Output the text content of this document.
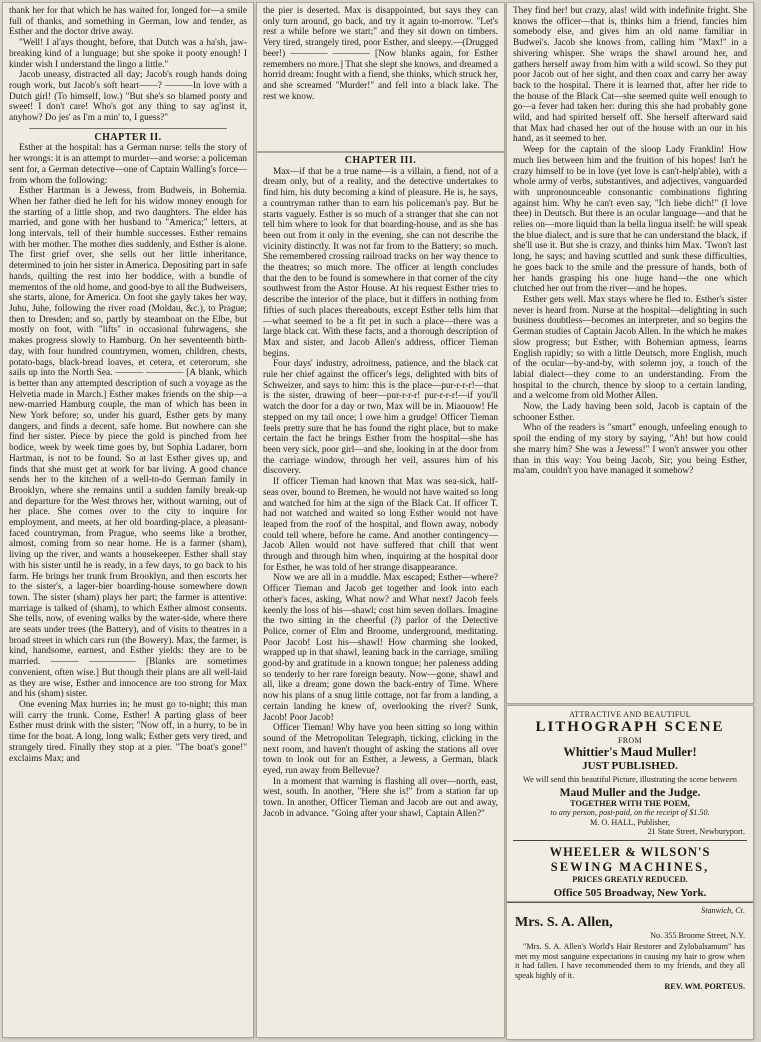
thank her for that which he has waited for, longed for—a smile full of thanks, and something in German, low and tender, as Esther and the doctor drive away.

"Well! I al'ays thought, before, that Dutch was a ha'sh, jaw-breaking kind of a lunguage; but she spoke it pooty enough! I kinder wish I understand the lingo a little."

Jacob uneasy, distracted all day; Jacob's rough hands doing rough work, but Jacob's soft heart——? ———In love with a Dutch girl! (To himself, low.) "But she's so blamed pooty and sweet! I don't care! Who's got any thing to say ag'inst it, anyhow? Do jes' as I'm a min' to, I guess?"

CHAPTER II.

Esther at the hospital: has a German nurse: tells the story of her wrongs: it is an attempt to murder—and worse: a policeman sent for, a German detective—one of Captain Walling's force—from whom the following:

Esther Hartman is a Jewess, from Budweis, in Bohemia. When her father died he left for his widow money enough for the starting of a little shop, and two daughters. The elder has married, and gone with her husband to "America;" letters, at long intervals, tell of their humble successes. Esther remains with her mother. The mother dies suddenly, and Esther is alone. The first grief over, she sells out her little inheritance, determined to join her sister in America. Depositing part in safe hands, quilting the rest into her boddice, with a bundle of mementos of the old home, and good-bye to all the Budweisers, she starts, alone, for America. On foot she gayly takes her way, Juhu, Juhe, following the river road (Moldau, &c.), to Prague; then to Dresden; and so, partly by steamboat on the Elbe, but mostly on foot, with "lifts" in occasional fuhrwagens, she makes progress slowly to Hamburg. On her seventeenth birth-day, with four hundred countrymen, women, children, chests, potato-bags, black-bread loaves, et cetera, et ceterorum, she sails up into the North Sea. ——— ———— [A blank, which is better than any attempted description of such a voyage as the Helvetia made in March.] Esther makes friends on the ship—a new-married Hamburg couple, the man of which has been in New York before; so, under his guard, Esther gets by many dangers, and finds a decent, safe home. But nowhere can she find her sister. Piece by piece the gold is pinched from her bodice, week by week time goes by, but Sophia Ladarer, born Hartman, is not to be found. So at last Esther gives up, and finds that she must get at work for bar living. A good chance sends her to the kitchen of a well-to-do German family in Brooklyn, where she remains until a sudden family break-up and departure for the West throws her, without warning, out of her place. She comes over to the city to inquire for employment, and meets, at her old boarding-place, a pleasant-faced countryman, from Prague, who seems like a brother, almost, coming from so near home. He is a farmer (sham), living up the river, and wants a housekeeper. Esther shall stay with his sister until he is ready, in a few days, to go back to his farm. He brings her trunk from Brooklyn, and then escorts her to the sister's, a lager-bier boarding-house somewhere down town. The sister (sham) plays her part; the farmer is attentive: marriage is talked of (sham), to which Esther almost consents. She tells, now, of evening walks by the water-side, where there are seats under trees (the Battery), and of visits to theatres in a broad street in which cars run (the Bowery). Max, the farmer, is kind, handsome, earnest, and Esther yields: they are to be married. ——— ————— [Blanks are sometimes convenient, often wise.] But though their plans are all well-laid as they are wise, Esther and innocence are too strong for Max and his (sham) sister.

One evening Max hurries in; he must go to-night; this man will carry the trunk. Come, Esther! A parting glass of beer Esther must drink with the sister; "Now off, in a hurry, to be in time for the boat. A long, long walk; Esther gets very tired, and strangely tired. Finally they stop at a pier. "The boat's gone!" exclaims Max; and

the pier is deserted. Max is disappointed, but says they can only turn around, go back, and try it again to-morrow. "Let's rest a while before we start;" and they sit down on timbers. Very tired, strangely tired, poor Esther, and sleepy.—(Drugged beer!) ———— ———— [Now blanks again, for Esther remembers no more.] That she slept she knows, and dreamed a horrid dream: fought with a fiend, she thinks, which struck her, and she screamed "Murder!" and fell into a black lake. The rest we know.

CHAPTER III.

Max—if that be a true name—is a villain, a fiend, not of a dream only, but of a reality, and the detective undertakes to find him, his duty becoming a kind of pleasure. He is, he says, a countryman rather than to earn his policeman's pay. But he starts vaguely. Esther is so much of a stranger that she can not tell him where to look for that boarding-house, and as she has been out from it only in the evening, she can not describe the vicinity distinctly. It was not far from to the Battery; so much. She remembered crossing railroad tracks on her way thence to the theatres; so much more. The officer at length concludes that the den to be found is somewhere in that corner of the city southwest from the Astor House. At his request Esther tries to describe the interior of the place, but it differs in nothing from fifties of such places thereabouts, except Esther tells him that—what seemed to be a fit pet in such a place—there was a large black cat. With these facts, and a thorough description of Max and sister, and Jacob Allen's address, officer Tieman begins.

Four days' industry, adroitness, patience, and the black cat rule her chief against the officer's legs, delighted with bits of Schweizer, and says to him: this is the place—pur-r-r-r!—that is the sister, drawing of beer—pur-r-r-r! pur-r-r-r!—if you'll watch the door for a day or two, Max will be in. Miaouow! He stepped on my tail once; I owe him a grudge! Officer Tieman feels pretty sure that he has found the right place, but to make certain the fact he brings Esther from the hospital—she has been very sick, poor girl—and she, looking in at the door from the carriage window, through her veil, assures him of his discovery.

If officer Tieman had known that Max was sea-sick, half-seas over, bound to Bremen, he would not have waited so long and watched for him at the sign of the Black Cat. If officer T. had not watched and waited so long Esther would not have leaped from the roof of the hospital, and flown away, nobody could tell where, before he came. And another contingency—Jacob Allen would not have suffered that chill that went through and through him when, inquiring at the hospital door for Esther, he was told of her strange disappearance.

Now we are all in a muddle. Max escaped; Esther—where? Officer Tieman and Jacob get together and look into each other's faces, asking, What now? and What next? Jacob feels keenly the loss of his—shawl; cost him seven dollars. Imagine the two sitting in the cheerful (?) parlor of the Detective Police, corner of Elm and Broome, underground, meditating. Poor Jacob! Lost his—shawl! How charming she looked, wrapped up in that shawl, leaning back in the carriage, smiling good-by and gratitude in a known tongue; her paleness adding so tenderly to her rare foreign beauty. Now—gone, shawl and all, like a dream; gone down the back-entry of Time. Where now his plans of a snug little cottage, not far from a landing, a certain landing he knew of, overlooking the river? Sunk, Jacob! Poor Jacob!

Officer Tieman! Why have you been sitting so long within sound of the Metropolitan Telegraph, ticking, clicking in the next room, and haven't thought of asking the stations all over town to look out for an Esther, a Jewess, a German, black eyed, run away from Bellevue?

In a moment that warning is flashing all over—north, east, west, south. In another, "Here she is!" from a station far up town. In another, Officer Tieman and Jacob are out and away, Jacob in advance. "Going after your shawl, Captain Allen?"

They find her! but crazy, alas! wild with indefinite fright. She knows the officer—that is, thinks him a friend, fancies him somebody else, and gives him an old name familiar in Budwei's. Jacob she knows from, calling him "Max!" in a shivering whisper. She wraps the shawl around her, and gathers herself away from him with a wild scowl. So they put poor Jacob out of her sight, and then coax and carry her away back to the hospital. There it is learned that, after her ride to the house of the Black Cat—she seemed quite well enough to go—a fever had taken her: during this she had probably gone wild, and had spirited herself off. She herself afterward said that Max had chased her out of the house with an our in his hand, as it seemed to her.

Weep for the captain of the sloop Lady Franklin! How much lies between him and the fruition of his hopes! Isn't he crazy himself to be in love (yet love is can't-help'able), with a whole army of verbs, substantives, and adjectives, vanguarded with unpronounceable consonantic combinations fighting against him. Why he can't even say, "Ich liebe dich!" (I love thee) in Deutsch. But there is an ocular language—and that he relies on—more liquid than la bella lingua itself: he will speak the blue dialect, and is sure that he can understand the black, if she'll use it. But she is crazy, and thinks him Max. 'Twon't last long, he says; and having scuttled and sunk these difficulties, he goes back to the smile and the pressure of hands, both of her hands grasping his one huge hand—the one which clutched her out from the river—and he hopes.

Esther gets well. Max stays where he fled to. Esther's sister never is heard from. Nurse at the hospital—delighting in such business doubtless—becomes an interpreter, and so begins the German studies of Captain Jacob Allen. In the which he makes slow progress; but Esther, with Bohemian aptness, learns English rapidly; so with a little Deutsch, more English, much of the ocular—by-and-by, with solemn joy, a touch of the labial dialect—they come to an understanding. From the hospital to the church, thence by sloop to a certain landing, and a welcome from old Mother Allen.

Now, the Lady having been sold, Jacob is captain of the schooner Esther.

Who of the readers is "smart" enough, unfeeling enough to spoil the ending of my story by saying, "Ah! but how could she marry him? She was a Jewess!" I won't answer you other than in this way: You being Jacob, Sir; you being Esther, ma'am, couldn't you have managed it somehow?

ATTRACTIVE AND BEAUTIFUL
LITHOGRAPH SCENE
FROM
Whittier's Maud Muller!
JUST PUBLISHED.
We will send this beautiful Picture, illustrating the scene between
Maud Muller and the Judge.
TOGETHER WITH THE POEM,
to any person, post-paid, on the receipt of $1.50.
M. O. HALL, Publisher,
21 State Street, Newburyport.
WHEELER & WILSON'S
SEWING MACHINES,
PRICES GREATLY REDUCED.
Office 505 Broadway, New York.
Stanwich, Ct.
Mrs. S. A. Allen,
No. 355 Broome Street, N.Y.
"Mrs. S. A. Allen's World's Hair Restorer and Zylobalsamum" has met my most sanguine expectations in causing my hair to grow when it had fallen. I have recommended them to my friends, and they all speak highly of it.
REV. WM. PORTEUS.
